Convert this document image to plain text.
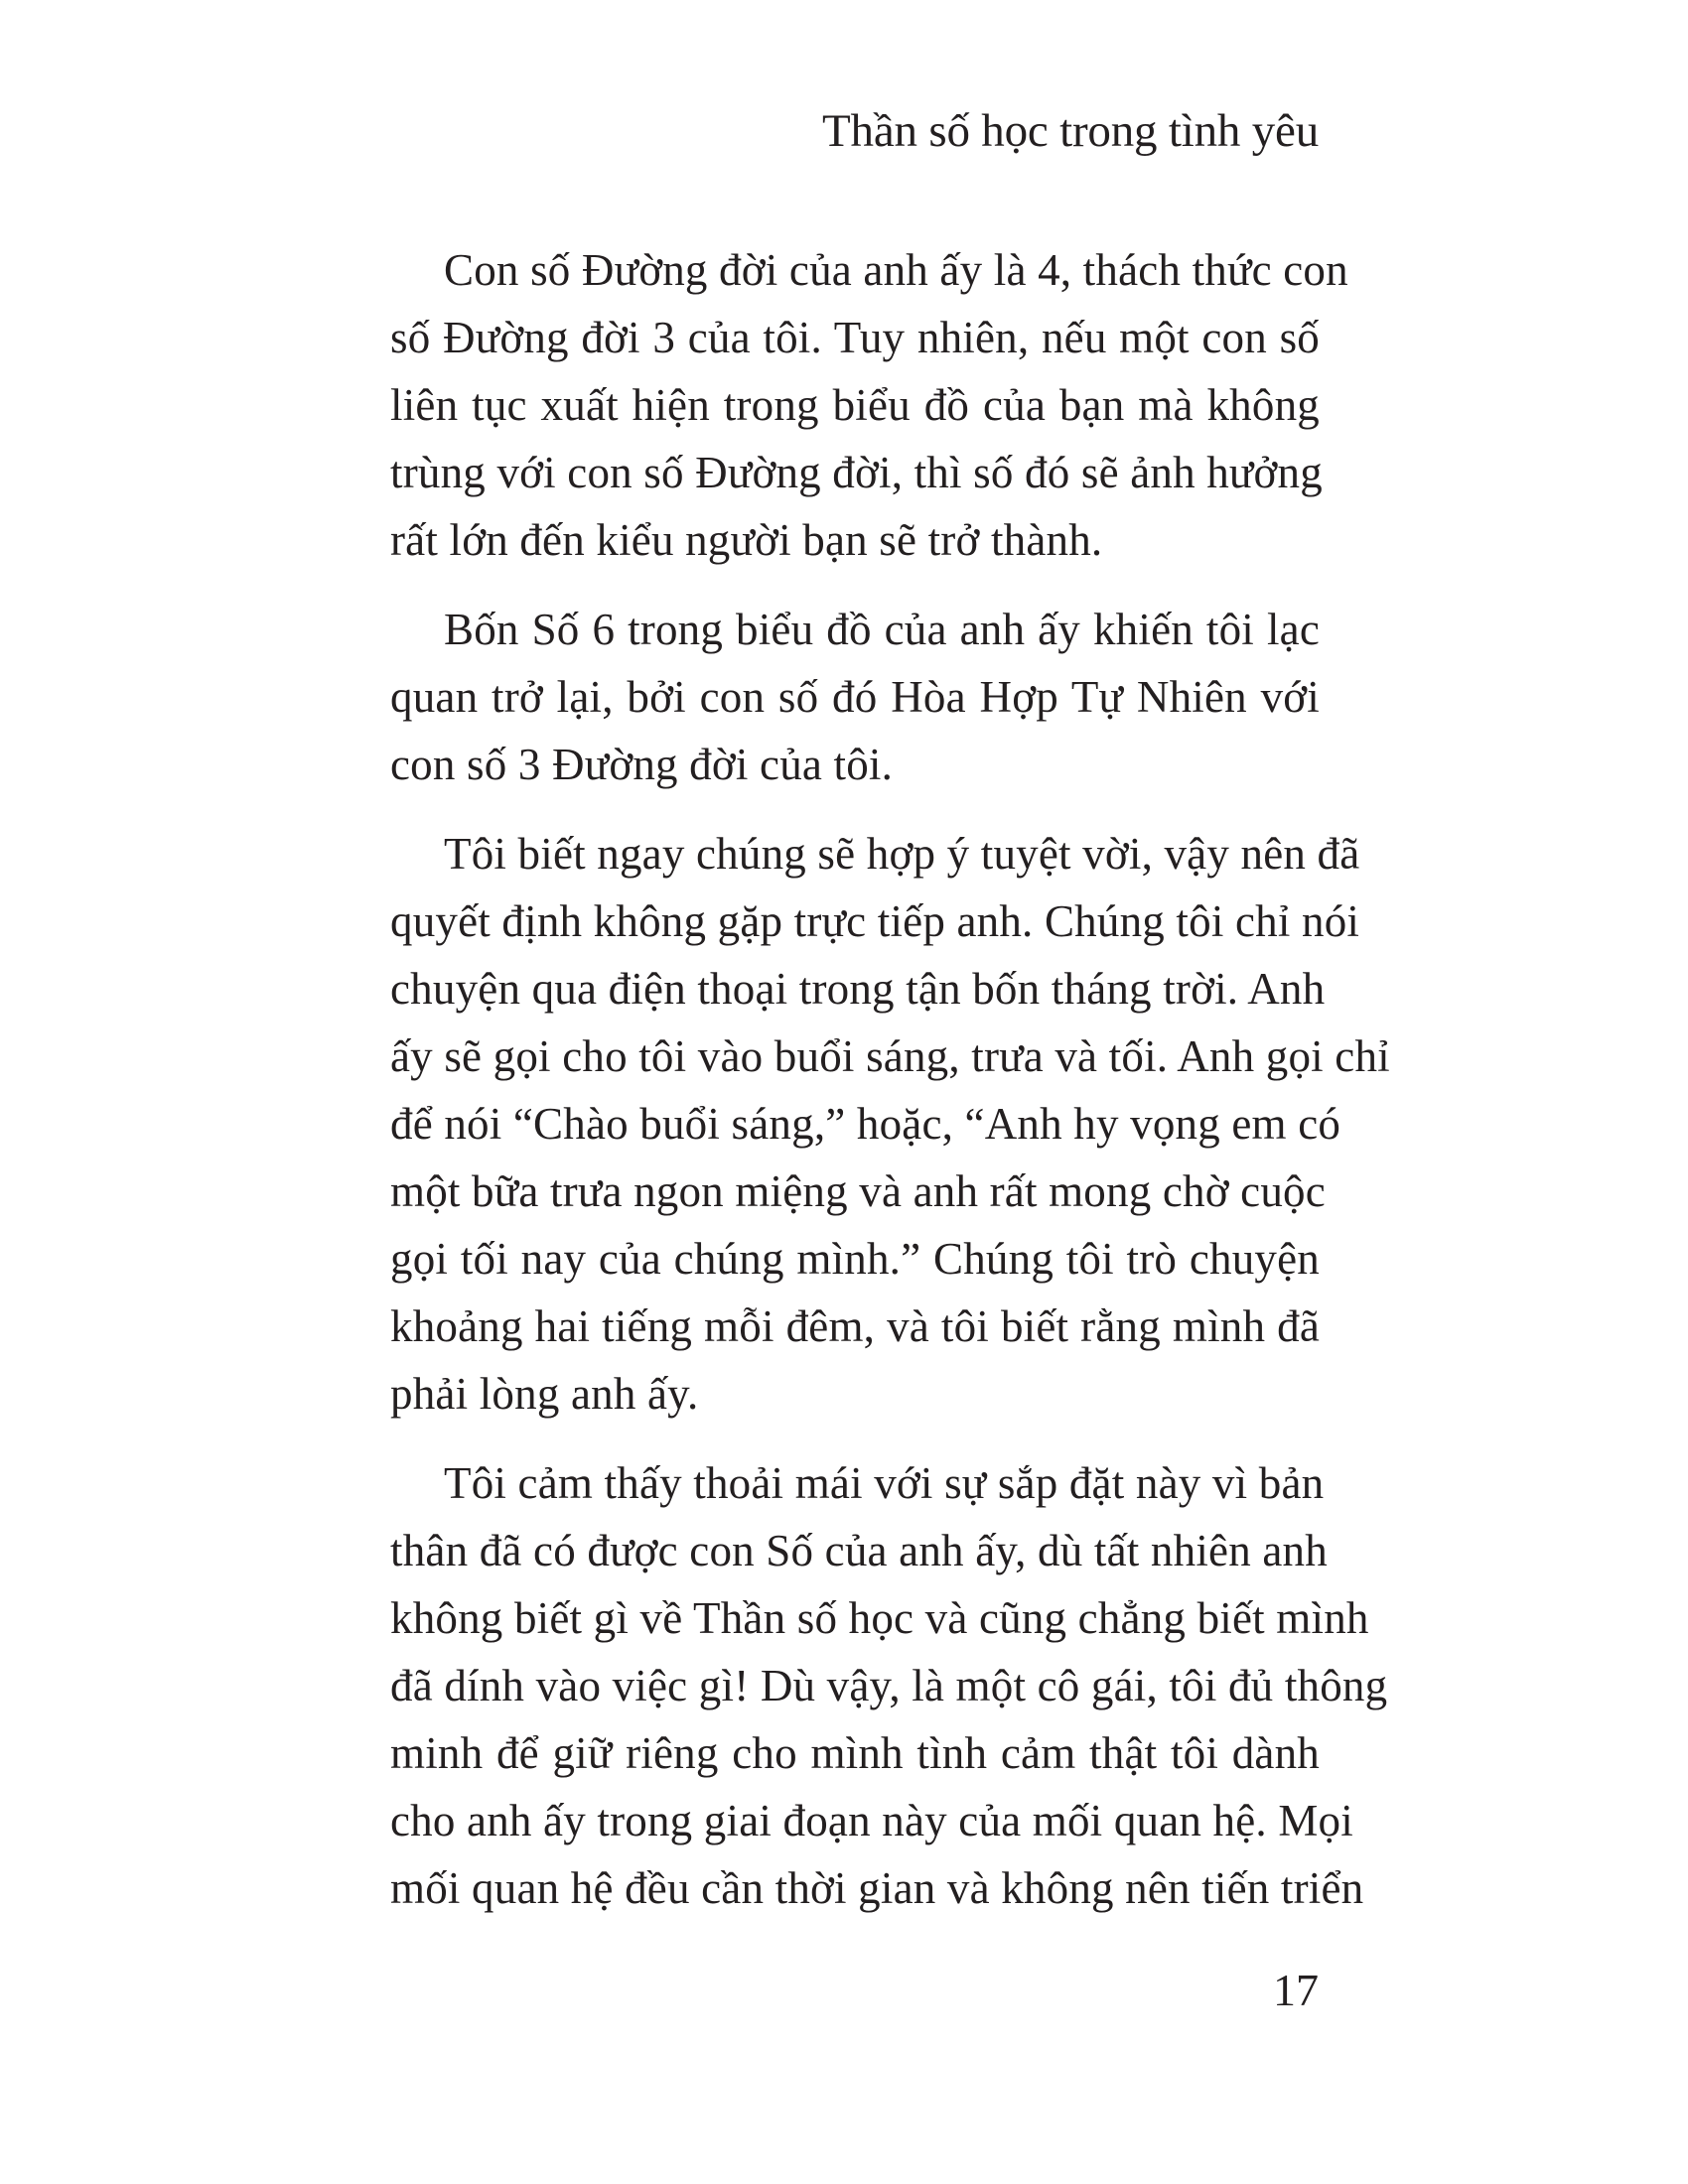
Thần số học trong tình yêu
Con số Đường đời của anh ấy là 4, thách thức con
số Đường đời 3 của tôi. Tuy nhiên, nếu một con số
liên tục xuất hiện trong biểu đồ của bạn mà không
trùng với con số Đường đời, thì số đó sẽ ảnh hưởng
rất lớn đến kiểu người bạn sẽ trở thành.
Bốn Số 6 trong biểu đồ của anh ấy khiến tôi lạc
quan trở lại, bởi con số đó Hòa Hợp Tự Nhiên với
con số 3 Đường đời của tôi.
Tôi biết ngay chúng sẽ hợp ý tuyệt vời, vậy nên đã
quyết định không gặp trực tiếp anh. Chúng tôi chỉ nói
chuyện qua điện thoại trong tận bốn tháng trời. Anh
ấy sẽ gọi cho tôi vào buổi sáng, trưa và tối. Anh gọi chỉ
để nói “Chào buổi sáng,” hoặc, “Anh hy vọng em có
một bữa trưa ngon miệng và anh rất mong chờ cuộc
gọi tối nay của chúng mình.” Chúng tôi trò chuyện
khoảng hai tiếng mỗi đêm, và tôi biết rằng mình đã
phải lòng anh ấy.
Tôi cảm thấy thoải mái với sự sắp đặt này vì bản
thân đã có được con Số của anh ấy, dù tất nhiên anh
không biết gì về Thần số học và cũng chẳng biết mình
đã dính vào việc gì! Dù vậy, là một cô gái, tôi đủ thông
minh để giữ riêng cho mình tình cảm thật tôi dành
cho anh ấy trong giai đoạn này của mối quan hệ. Mọi
mối quan hệ đều cần thời gian và không nên tiến triển
17
